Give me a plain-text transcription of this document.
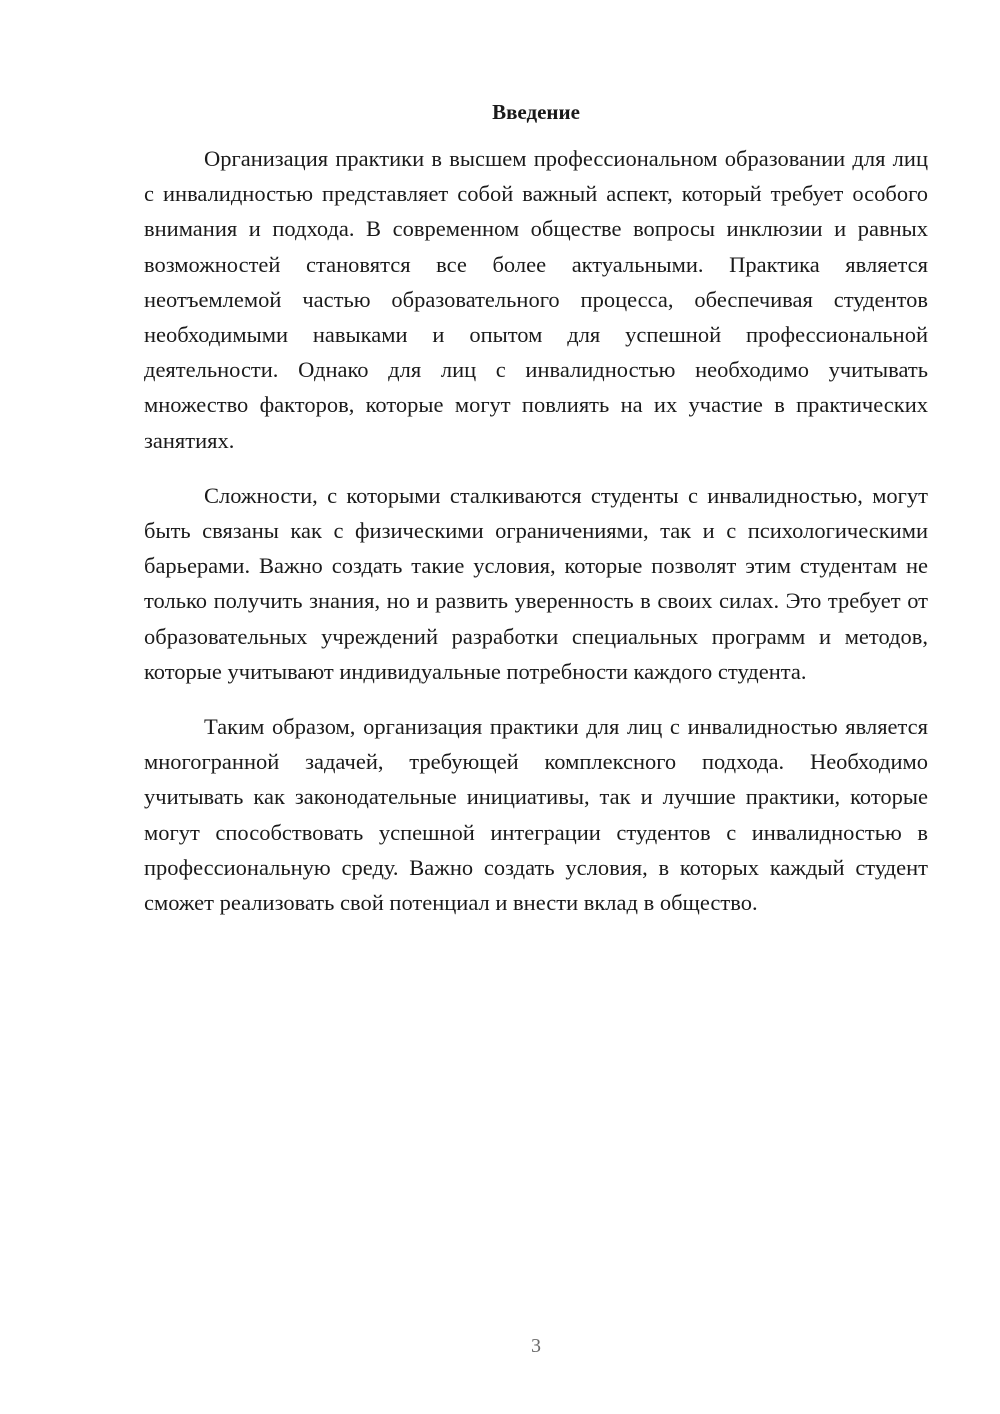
Введение

Организация практики в высшем профессиональном образовании для лиц с инвалидностью представляет собой важный аспект, который требует особого внимания и подхода. В современном обществе вопросы инклюзии и равных возможностей становятся все более актуальными. Практика является неотъемлемой частью образовательного процесса, обеспечивая студентов необходимыми навыками и опытом для успешной профессиональной деятельности. Однако для лиц с инвалидностью необходимо учитывать множество факторов, которые могут повлиять на их участие в практических занятиях.

Сложности, с которыми сталкиваются студенты с инвалидностью, могут быть связаны как с физическими ограничениями, так и с психологическими барьерами. Важно создать такие условия, которые позволят этим студентам не только получить знания, но и развить уверенность в своих силах. Это требует от образовательных учреждений разработки специальных программ и методов, которые учитывают индивидуальные потребности каждого студента.

Таким образом, организация практики для лиц с инвалидностью является многогранной задачей, требующей комплексного подхода. Необходимо учитывать как законодательные инициативы, так и лучшие практики, которые могут способствовать успешной интеграции студентов с инвалидностью в профессиональную среду. Важно создать условия, в которых каждый студент сможет реализовать свой потенциал и внести вклад в общество.

3
